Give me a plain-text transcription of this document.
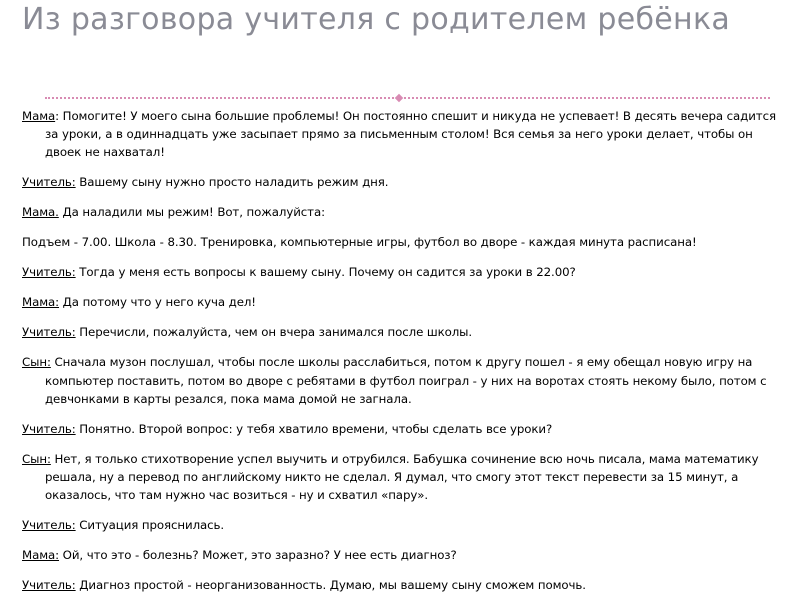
Из разговора учителя с родителем ребёнка

Мама: Помогите! У моего сына большие проблемы! Он постоянно спешит и никуда не успевает! В десять вечера садится за уроки, а в одиннадцать уже засыпает прямо за письменным столом! Вся семья за него уроки делает, чтобы он двоек не нахватал!

Учитель: Вашему сыну нужно просто наладить режим дня.

Мама. Да наладили мы режим! Вот, пожалуйста:

Подъем - 7.00. Школа - 8.30. Тренировка, компьютерные игры, футбол во дворе - каждая минута расписана!

Учитель: Тогда у меня есть вопросы к вашему сыну. Почему он садится за уроки в 22.00?

Мама: Да потому что у него куча дел!

Учитель: Перечисли, пожалуйста, чем он вчера занимался после школы.

Сын: Сначала музон послушал, чтобы после школы расслабиться, потом к другу пошел - я ему обещал новую игру на компьютер поставить, потом во дворе с ребятами в футбол поиграл - у них на воротах стоять некому было, потом с девчонками в карты резался, пока мама домой не загнала.

Учитель: Понятно. Второй вопрос: у тебя хватило времени, чтобы сделать все уроки?

Сын: Нет, я только стихотворение успел выучить и отрубился. Бабушка сочинение всю ночь писала, мама математику решала, ну а перевод по английскому никто не сделал. Я думал, что смогу этот текст перевести за 15 минут, а оказалось, что там нужно час возиться - ну и схватил «пару».

Учитель: Ситуация прояснилась.

Мама: Ой, что это - болезнь? Может, это заразно? У нее есть диагноз?

Учитель: Диагноз простой - неорганизованность. Думаю, мы вашему сыну сможем помочь.
